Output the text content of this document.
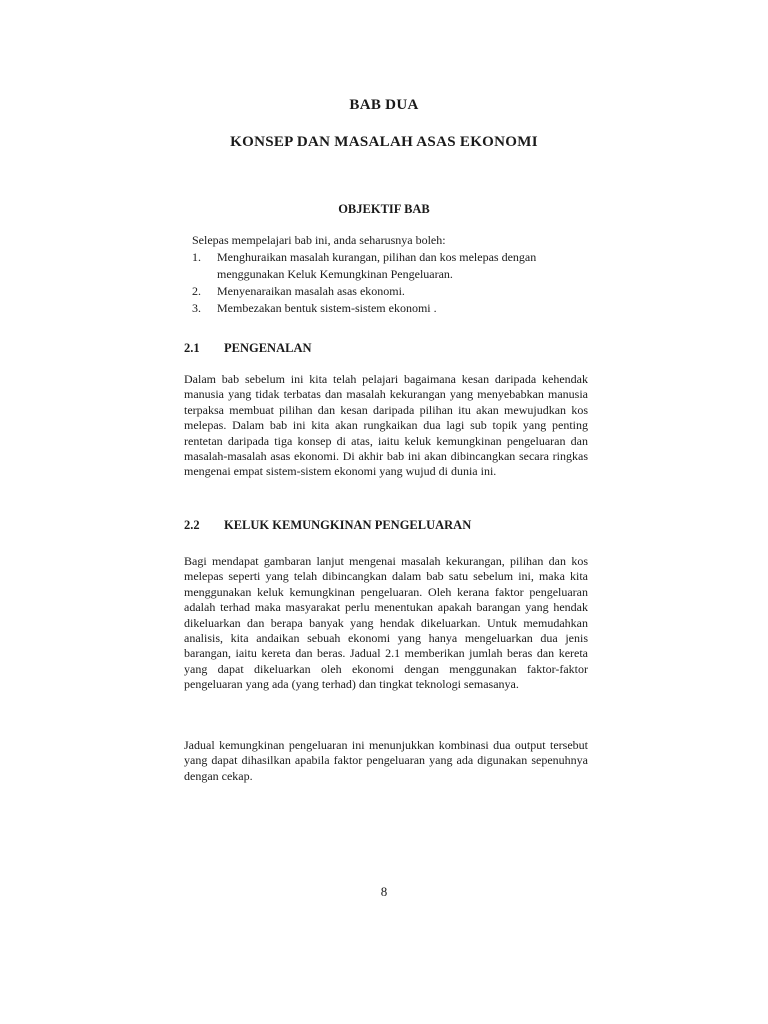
BAB DUA
KONSEP DAN MASALAH ASAS EKONOMI
OBJEKTIF BAB
Selepas mempelajari bab ini, anda seharusnya boleh:
1. Menghuraikan masalah kurangan, pilihan dan kos melepas dengan menggunakan Keluk Kemungkinan Pengeluaran.
2. Menyenaraikan masalah asas ekonomi.
3. Membezakan bentuk sistem-sistem ekonomi .
2.1	PENGENALAN

Dalam bab sebelum ini kita telah pelajari bagaimana kesan daripada kehendak manusia yang tidak terbatas dan masalah kekurangan yang menyebabkan manusia terpaksa membuat pilihan dan kesan daripada pilihan itu akan mewujudkan kos melepas. Dalam bab ini kita akan rungkaikan dua lagi sub topik yang penting rentetan daripada tiga konsep di atas, iaitu keluk kemungkinan pengeluaran dan masalah-masalah asas ekonomi. Di akhir bab ini akan dibincangkan secara ringkas mengenai empat sistem-sistem ekonomi yang wujud di dunia ini.

2.2	KELUK KEMUNGKINAN PENGELUARAN

Bagi mendapat gambaran lanjut mengenai masalah kekurangan, pilihan dan kos melepas seperti yang telah dibincangkan dalam bab satu sebelum ini, maka kita menggunakan keluk kemungkinan pengeluaran. Oleh kerana faktor pengeluaran adalah terhad maka masyarakat perlu menentukan apakah barangan yang hendak dikeluarkan dan berapa banyak yang hendak dikeluarkan. Untuk memudahkan analisis, kita andaikan sebuah ekonomi yang hanya mengeluarkan dua jenis barangan, iaitu kereta dan beras. Jadual 2.1 memberikan jumlah beras dan kereta yang dapat dikeluarkan oleh ekonomi dengan menggunakan faktor-faktor pengeluaran yang ada (yang terhad) dan tingkat teknologi semasanya.

Jadual kemungkinan pengeluaran ini menunjukkan kombinasi dua output tersebut yang dapat dihasilkan apabila faktor pengeluaran yang ada digunakan sepenuhnya dengan cekap.

8
